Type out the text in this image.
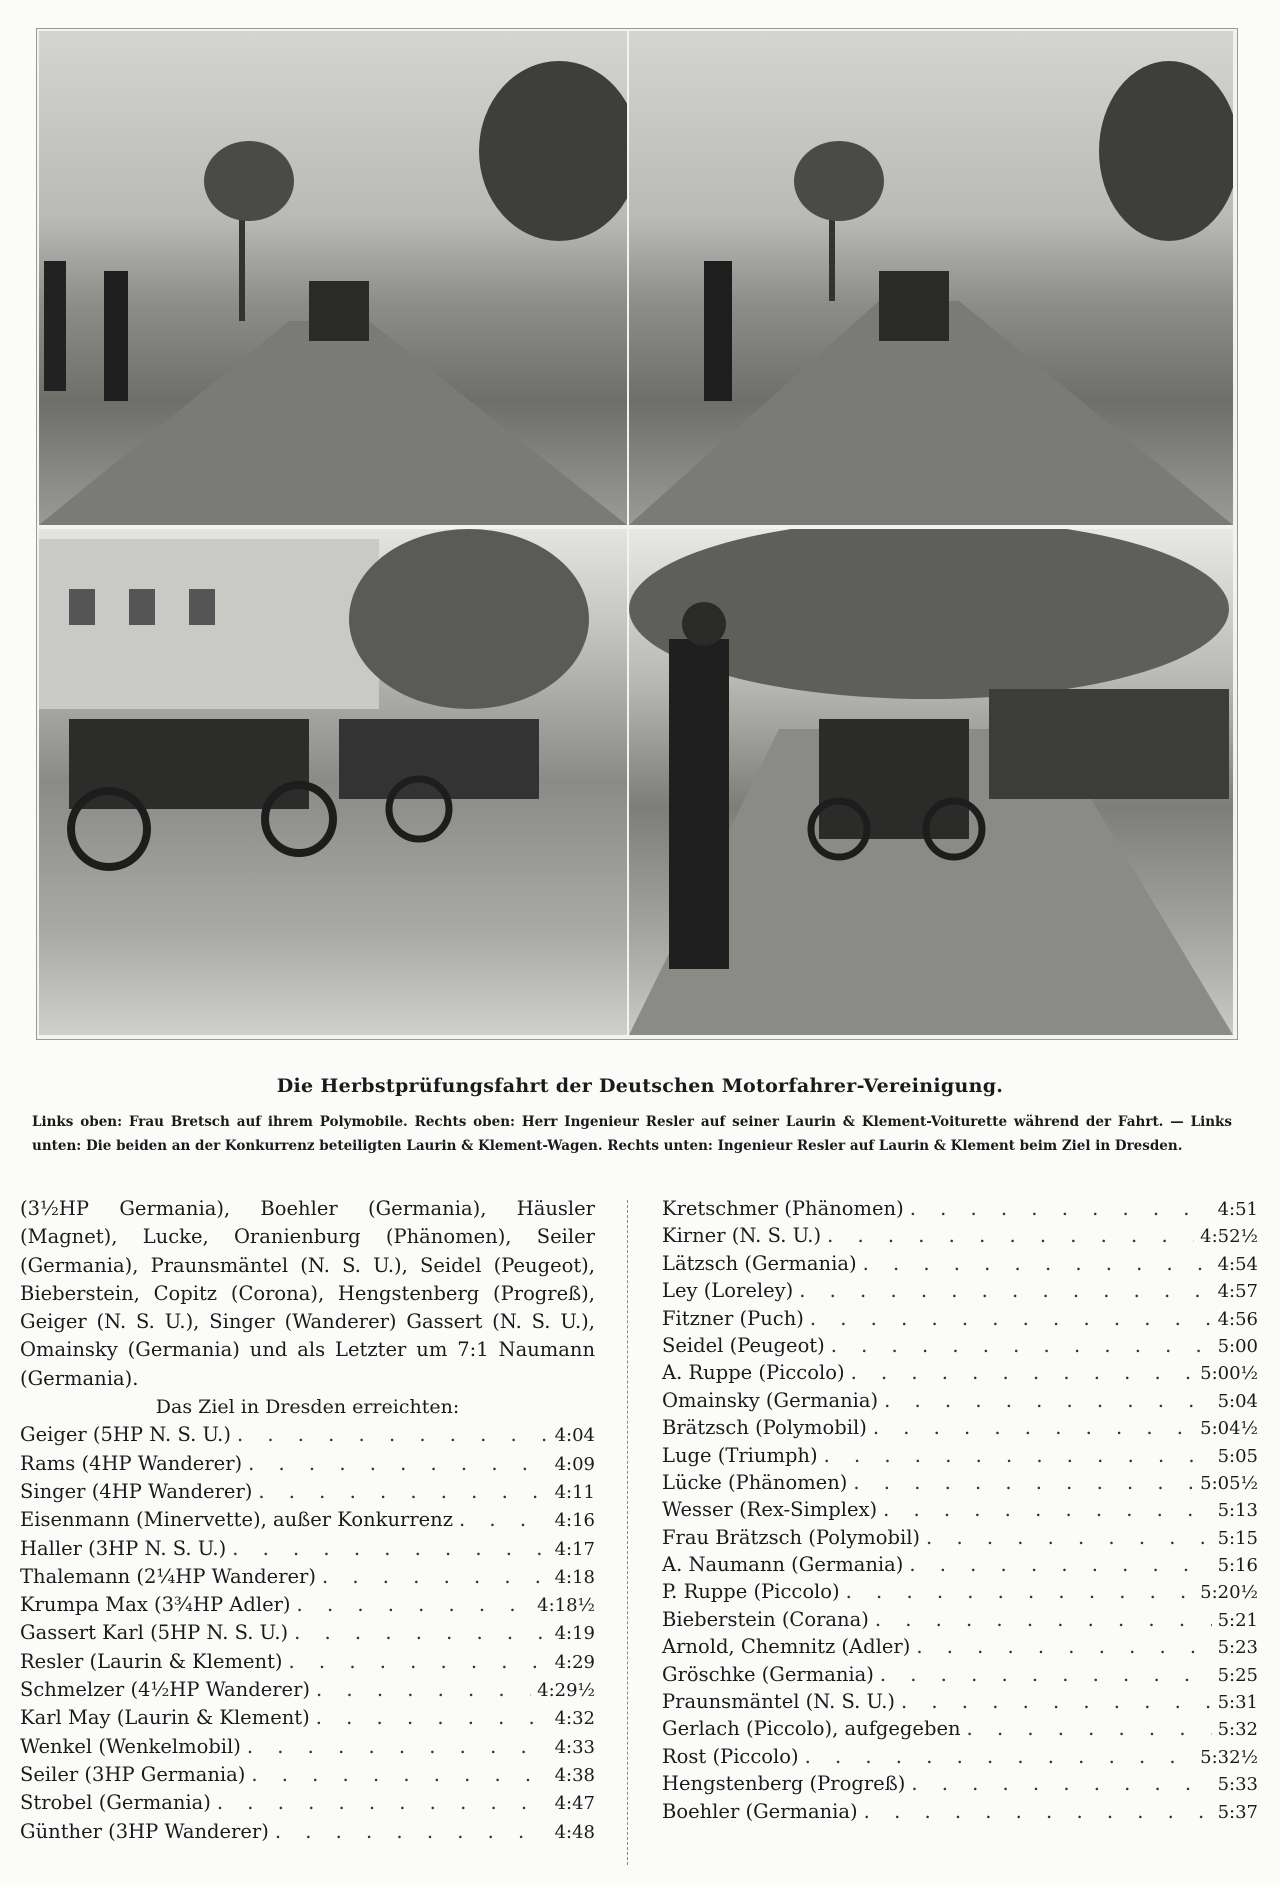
Die Herbstprüfungsfahrt der Deutschen Motorfahrer-Vereinigung.
Links oben: Frau Bretsch auf ihrem Polymobile. Rechts oben: Herr Ingenieur Resler auf seiner Laurin & Klement-Voiturette während der Fahrt. — Links unten: Die beiden an der Konkurrenz beteiligten Laurin & Klement-Wagen. Rechts unten: Ingenieur Resler auf Laurin & Klement beim Ziel in Dresden.

(3½HP Germania), Boehler (Germania), Häusler (Magnet), Lucke, Oranienburg (Phänomen), Seiler (Germania), Praunsmäntel (N. S. U.), Seidel (Peugeot), Bieberstein, Copitz (Corona), Hengstenberg (Progreß), Geiger (N. S. U.), Singer (Wanderer) Gassert (N. S. U.), Omainsky (Germania) und als Letzter um 7:1 Naumann (Germania).

Das Ziel in Dresden erreichten:

Geiger (5HP N. S. U.) . . .	4:04
Rams (4HP Wanderer) . . .	4:09
Singer (4HP Wanderer) . . .	4:11
Eisenmann (Minervette), außer Konkurrenz . . .	4:16
Haller (3HP N. S. U.) . . .	4:17
Thalemann (2¼HP Wanderer) . . .	4:18
Krumpa Max (3¾HP Adler) . . .	4:18½
Gassert Karl (5HP N. S. U.) . . .	4:19
Resler (Laurin & Klement) . . .	4:29
Schmelzer (4½HP Wanderer) . . .	4:29½
Karl May (Laurin & Klement) . . .	4:32
Wenkel (Wenkelmobil) . . .	4:33
Seiler (3HP Germania) . . .	4:38
Strobel (Germania) . . .	4:47
Günther (3HP Wanderer) . . .	4:48
Kretschmer (Phänomen) . . .	4:51
Kirner (N. S. U.) . . .	4:52½
Lätzsch (Germania) . . .	4:54
Ley (Loreley) . . .	4:57
Fitzner (Puch) . . .	4:56
Seidel (Peugeot) . . .	5:00
A. Ruppe (Piccolo) . . .	5:00½
Omainsky (Germania) . . .	5:04
Brätzsch (Polymobil) . . .	5:04½
Luge (Triumph) . . .	5:05
Lücke (Phänomen) . . .	5:05½
Wesser (Rex-Simplex) . . .	5:13
Frau Brätzsch (Polymobil) . . .	5:15
A. Naumann (Germania) . . .	5:16
P. Ruppe (Piccolo) . . .	5:20½
Bieberstein (Corana) . . .	5:21
Arnold, Chemnitz (Adler) . . .	5:23
Gröschke (Germania) . . .	5:25
Praunsmäntel (N. S. U.) . . .	5:31
Gerlach (Piccolo), aufgegeben . . .	5:32
Rost (Piccolo) . . .	5:32½
Hengstenberg (Progreß) . . .	5:33
Boehler (Germania) . . .	5:37
